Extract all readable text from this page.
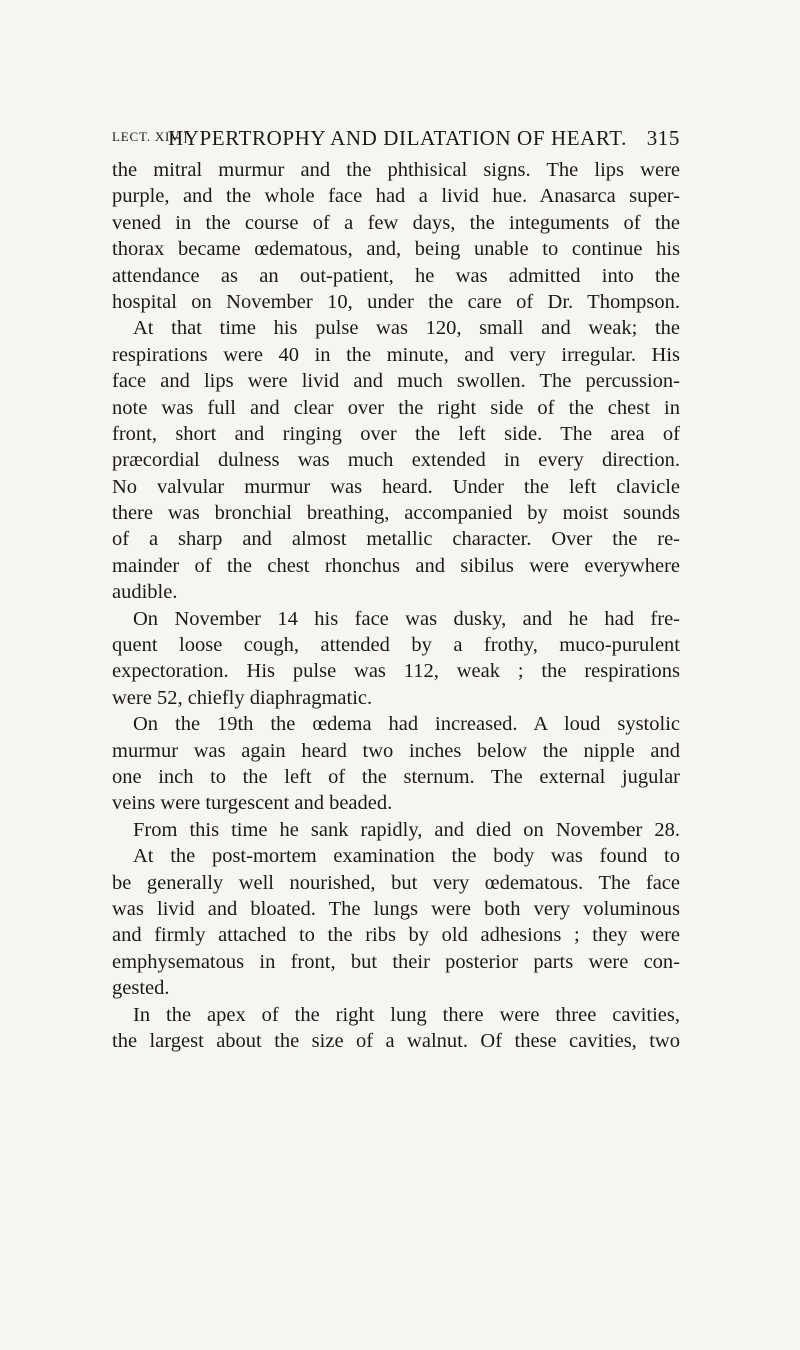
LECT. XIV.]
HYPERTROPHY AND DILATATION OF HEART. 315
the mitral murmur and the phthisical signs. The lips were
purple, and the whole face had a livid hue. Anasarca super-
vened in the course of a few days, the integuments of the
thorax became œdematous, and, being unable to continue his
attendance as an out-patient, he was admitted into the
hospital on November 10, under the care of Dr. Thompson.
At that time his pulse was 120, small and weak; the
respirations were 40 in the minute, and very irregular. His
face and lips were livid and much swollen. The percussion-
note was full and clear over the right side of the chest in
front, short and ringing over the left side. The area of
præcordial dulness was much extended in every direction.
No valvular murmur was heard. Under the left clavicle
there was bronchial breathing, accompanied by moist sounds
of a sharp and almost metallic character. Over the re-
mainder of the chest rhonchus and sibilus were everywhere
audible.
On November 14 his face was dusky, and he had fre-
quent loose cough, attended by a frothy, muco-purulent
expectoration. His pulse was 112, weak ; the respirations
were 52, chiefly diaphragmatic.
On the 19th the œdema had increased. A loud systolic
murmur was again heard two inches below the nipple and
one inch to the left of the sternum. The external jugular
veins were turgescent and beaded.
From this time he sank rapidly, and died on November 28.
At the post-mortem examination the body was found to
be generally well nourished, but very œdematous. The face
was livid and bloated. The lungs were both very voluminous
and firmly attached to the ribs by old adhesions ; they were
emphysematous in front, but their posterior parts were con-
gested.
In the apex of the right lung there were three cavities,
the largest about the size of a walnut. Of these cavities, two
